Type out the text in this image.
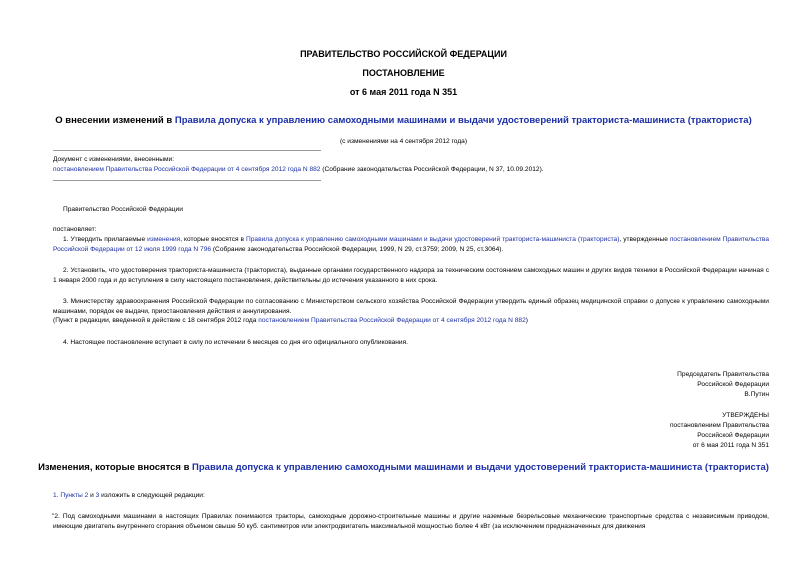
ПРАВИТЕЛЬСТВО РОССИЙСКОЙ ФЕДЕРАЦИИ
ПОСТАНОВЛЕНИЕ
от 6 мая 2011 года N 351
О внесении изменений в Правила допуска к управлению самоходными машинами и выдачи удостоверений тракториста-машиниста (тракториста)
(с изменениями на 4 сентября 2012 года)
Документ с изменениями, внесенными:
постановлением Правительства Российской Федерации от 4 сентября 2012 года N 882 (Собрание законодательства Российской Федерации, N 37, 10.09.2012).
Правительство Российской Федерации
постановляет:
1. Утвердить прилагаемые изменения, которые вносятся в Правила допуска к управлению самоходными машинами и выдачи удостоверений тракториста-машиниста (тракториста), утвержденные постановлением Правительства Российской Федерации от 12 июля 1999 года N 796 (Собрание законодательства Российской Федерации, 1999, N 29, ст.3759; 2009, N 25, ст.3064).
2. Установить, что удостоверения тракториста-машиниста (тракториста), выданные органами государственного надзора за техническим состоянием самоходных машин и других видов техники в Российской Федерации начиная с 1 января 2000 года и до вступления в силу настоящего постановления, действительны до истечения указанного в них срока.
3. Министерству здравоохранения Российской Федерации по согласованию с Министерством сельского хозяйства Российской Федерации утвердить единый образец медицинской справки о допуске к управлению самоходными машинами, порядок ее выдачи, приостановления действия и аннулирования.
(Пункт в редакции, введенной в действие с 18 сентября 2012 года постановлением Правительства Российской Федерации от 4 сентября 2012 года N 882)
4. Настоящее постановление вступает в силу по истечении 6 месяцев со дня его официального опубликования.
Председатель Правительства
Российской Федерации
В.Путин
УТВЕРЖДЕНЫ
постановлением Правительства
Российской Федерации
от 6 мая 2011 года N 351
Изменения, которые вносятся в Правила допуска к управлению самоходными машинами и выдачи удостоверений тракториста-машиниста (тракториста)
1. Пункты 2 и 3 изложить в следующей редакции:
"2. Под самоходными машинами в настоящих Правилах понимаются тракторы, самоходные дорожно-строительные машины и другие наземные безрельсовые механические транспортные средства с независимым приводом, имеющие двигатель внутреннего сгорания объемом свыше 50 куб. сантиметров или электродвигатель максимальной мощностью более 4 кВт (за исключением предназначенных для движения
